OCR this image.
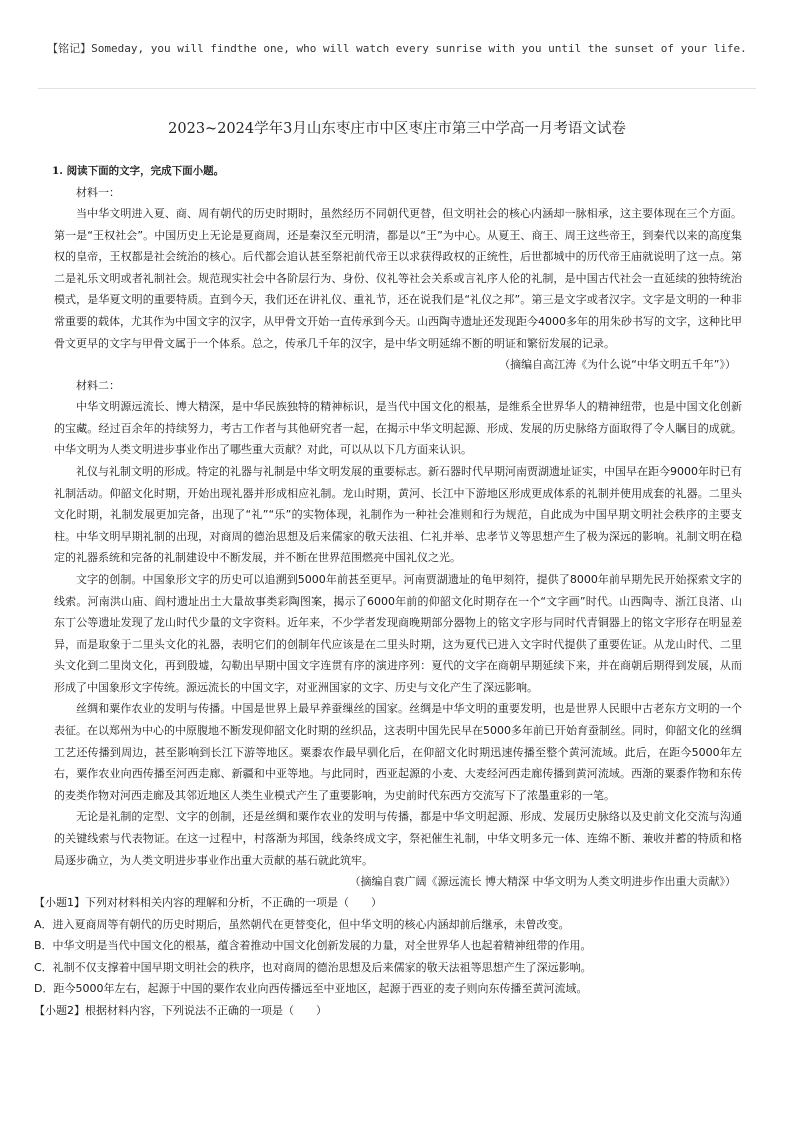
【铭记】Someday, you will findthe one, who will watch every sunrise with you until the sunset of your life.
2023~2024学年3月山东枣庄市中区枣庄市第三中学高一月考语文试卷

1. 阅读下面的文字，完成下面小题。

材料一：

当中华文明进入夏、商、周有朝代的历史时期时，虽然经历不同朝代更替，但文明社会的核心内涵却一脉相承，这主要体现在三个方面。第一是“王权社会”。中国历史上无论是夏商周，还是秦汉至元明清，都是以“王”为中心。从夏王、商王、周王这些帝王，到秦代以来的高度集权的皇帝，王权都是社会统治的核心。后代都会追认甚至祭祀前代帝王以求获得政权的正统性，后世都城中的历代帝王庙就说明了这一点。第二是礼乐文明或者礼制社会。规范现实社会中各阶层行为、身份、仪礼等社会关系或言礼序人伦的礼制，是中国古代社会一直延续的独特统治模式，是华夏文明的重要特质。直到今天，我们还在讲礼仪、重礼节，还在说我们是“礼仪之邦”。第三是文字或者汉字。文字是文明的一种非常重要的载体，尤其作为中国文字的汉字，从甲骨文开始一直传承到今天。山西陶寺遗址还发现距今4000多年的用朱砂书写的文字，这种比甲骨文更早的文字与甲骨文属于一个体系。总之，传承几千年的汉字，是中华文明延绵不断的明证和繁衍发展的记录。

（摘编自高江涛《为什么说“中华文明五千年”》）

材料二：

中华文明源远流长、博大精深，是中华民族独特的精神标识，是当代中国文化的根基，是维系全世界华人的精神纽带，也是中国文化创新的宝藏。经过百余年的持续努力，考古工作者与其他研究者一起，在揭示中华文明起源、形成、发展的历史脉络方面取得了令人瞩目的成就。中华文明为人类文明进步事业作出了哪些重大贡献？对此，可以从以下几方面来认识。

礼仪与礼制文明的形成。特定的礼器与礼制是中华文明发展的重要标志。新石器时代早期河南贾湖遗址证实，中国早在距今9000年时已有礼制活动。仰韶文化时期，开始出现礼器并形成相应礼制。龙山时期，黄河、长江中下游地区形成更成体系的礼制并使用成套的礼器。二里头文化时期，礼制发展更加完备，出现了“礼”“乐”的实物体现，礼制作为一种社会准则和行为规范，自此成为中国早期文明社会秩序的主要支柱。中华文明早期礼制的出现，对商周的德治思想及后来儒家的敬天法祖、仁礼并举、忠孝节义等思想产生了极为深远的影响。礼制文明在稳定的礼器系统和完备的礼制建设中不断发展，并不断在世界范围燃亮中国礼仪之光。

文字的创制。中国象形文字的历史可以追溯到5000年前甚至更早。河南贾湖遗址的龟甲刻符，提供了8000年前早期先民开始探索文字的线索。河南洪山庙、阎村遗址出土大量故事类彩陶图案，揭示了6000年前的仰韶文化时期存在一个“文字画”时代。山西陶寺、浙江良渚、山东丁公等遗址发现了龙山时代少量的文字资料。近年来，不少学者发现商晚期部分器物上的铭文字形与同时代青铜器上的铭文字形存在明显差异，而是取象于二里头文化的礼器，表明它们的创制年代应该是在二里头时期，这为夏代已进入文字时代提供了重要佐证。从龙山时代、二里头文化到二里岗文化，再到殷墟，勾勒出早期中国文字连贯有序的演进序列：夏代的文字在商朝早期延续下来，并在商朝后期得到发展，从而形成了中国象形文字传统。源远流长的中国文字，对亚洲国家的文字、历史与文化产生了深远影响。

丝绸和粟作农业的发明与传播。中国是世界上最早养蚕缫丝的国家。丝绸是中华文明的重要发明，也是世界人民眼中古老东方文明的一个表征。在以郑州为中心的中原腹地不断发现仰韶文化时期的丝织品，这表明中国先民早在5000多年前已开始育蚕制丝。同时，仰韶文化的丝绸工艺还传播到周边，甚至影响到长江下游等地区。粟黍农作最早驯化后，在仰韶文化时期迅速传播至整个黄河流域。此后，在距今5000年左右，粟作农业向西传播至河西走廊、新疆和中亚等地。与此同时，西亚起源的小麦、大麦经河西走廊传播到黄河流域。西渐的粟黍作物和东传的麦类作物对河西走廊及其邻近地区人类生业模式产生了重要影响，为史前时代东西方交流写下了浓墨重彩的一笔。

无论是礼制的定型、文字的创制，还是丝绸和粟作农业的发明与传播，都是中华文明起源、形成、发展历史脉络以及史前文化交流与沟通的关键线索与代表物证。在这一过程中，村落渐为邦国，线条终成文字，祭祀催生礼制，中华文明多元一体、连绵不断、兼收并蓄的特质和格局逐步确立，为人类文明进步事业作出重大贡献的基石就此筑牢。

（摘编自袁广阔《源远流长 博大精深 中华文明为人类文明进步作出重大贡献》）

【小题1】下列对材料相关内容的理解和分析，不正确的一项是（　　）

A．进入夏商周等有朝代的历史时期后，虽然朝代在更替变化，但中华文明的核心内涵却前后继承，未曾改变。

B．中华文明是当代中国文化的根基，蕴含着推动中国文化创新发展的力量，对全世界华人也起着精神纽带的作用。

C．礼制不仅支撑着中国早期文明社会的秩序，也对商周的德治思想及后来儒家的敬天法祖等思想产生了深远影响。

D．距今5000年左右，起源于中国的粟作农业向西传播远至中亚地区，起源于西亚的麦子则向东传播至黄河流域。

【小题2】根据材料内容，下列说法不正确的一项是（　　）
